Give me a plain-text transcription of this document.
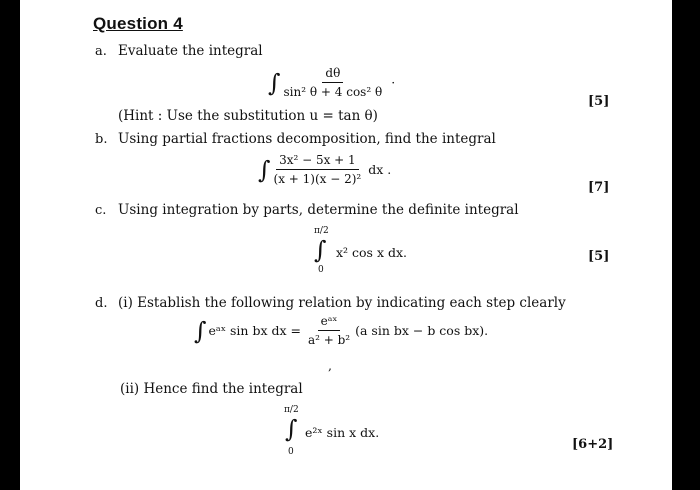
Question 4
a. Evaluate the integral
∫ $\frac{d\theta}{\text{sin² θ + 4 cos² θ}}$ ·
(Hint : Use the substitution u = tan θ)
[5]
b. Using partial fractions decomposition, find the integral
∫ $\frac{\text{3x² − 5x + 1}}{\text{(x + 1)(x − 2)²}}$ dx .
[7]
c. Using integration by parts, determine the definite integral
π/2
∫
0
x² cos x dx.	[5]
d. (i) Establish the following relation by indicating each step clearly
∫ eᵃˣ sin bx dx = $\frac{\text{eᵃˣ}}{\text{a² + b²}} (a$ sin bx − b cos bx).
,
(ii) Hence find the integral
π/2
∫
0
e²ˣ sin x dx.
[6+2]
